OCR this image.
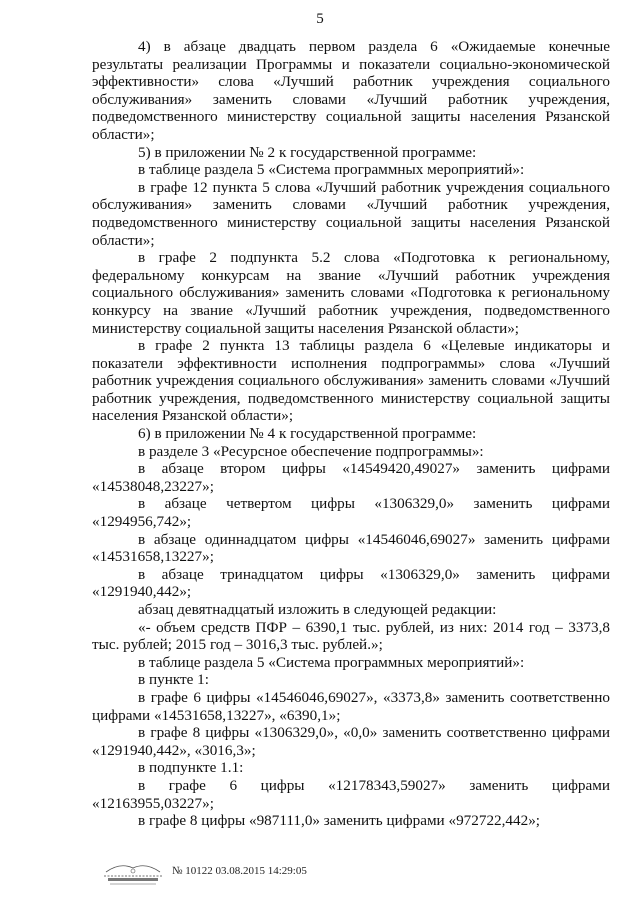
5

4) в абзаце двадцать первом раздела 6 «Ожидаемые конечные результаты реализации Программы и показатели социально-экономической эффективности» слова «Лучший работник учреждения социального обслуживания» заменить словами «Лучший работник учреждения, подведомственного министерству социальной защиты населения Рязанской области»;

5) в приложении № 2 к государственной программе:

в таблице раздела 5 «Система программных мероприятий»:

в графе 12 пункта 5 слова «Лучший работник учреждения социального обслуживания» заменить словами «Лучший работник учреждения, подведомственного министерству социальной защиты населения Рязанской области»;

в графе 2 подпункта 5.2 слова «Подготовка к региональному, федеральному конкурсам на звание «Лучший работник учреждения социального обслуживания» заменить словами «Подготовка к региональному конкурсу на звание «Лучший работник учреждения, подведомственного министерству социальной защиты населения Рязанской области»;

в графе 2 пункта 13 таблицы раздела 6 «Целевые индикаторы и показатели эффективности исполнения подпрограммы» слова «Лучший работник учреждения социального обслуживания» заменить словами «Лучший работник учреждения, подведомственного министерству социальной защиты населения Рязанской области»;

6) в приложении № 4 к государственной программе:

в разделе 3 «Ресурсное обеспечение подпрограммы»:

в абзаце втором цифры «14549420,49027» заменить цифрами «14538048,23227»;

в абзаце четвертом цифры «1306329,0» заменить цифрами «1294956,742»;

в абзаце одиннадцатом цифры «14546046,69027» заменить цифрами «14531658,13227»;

в абзаце тринадцатом цифры «1306329,0» заменить цифрами «1291940,442»;

абзац девятнадцатый изложить в следующей редакции:

«- объем средств ПФР – 6390,1 тыс. рублей, из них: 2014 год – 3373,8 тыс. рублей; 2015 год – 3016,3 тыс. рублей.»;

в таблице раздела 5 «Система программных мероприятий»:

в пункте 1:

в графе 6 цифры «14546046,69027», «3373,8» заменить соответственно цифрами «14531658,13227», «6390,1»;

в графе 8 цифры «1306329,0», «0,0» заменить соответственно цифрами «1291940,442», «3016,3»;

в подпункте 1.1:

в графе 6 цифры «12178343,59027» заменить цифрами «12163955,03227»;

в графе 8 цифры «987111,0» заменить цифрами «972722,442»;

№ 10122 03.08.2015 14:29:05
